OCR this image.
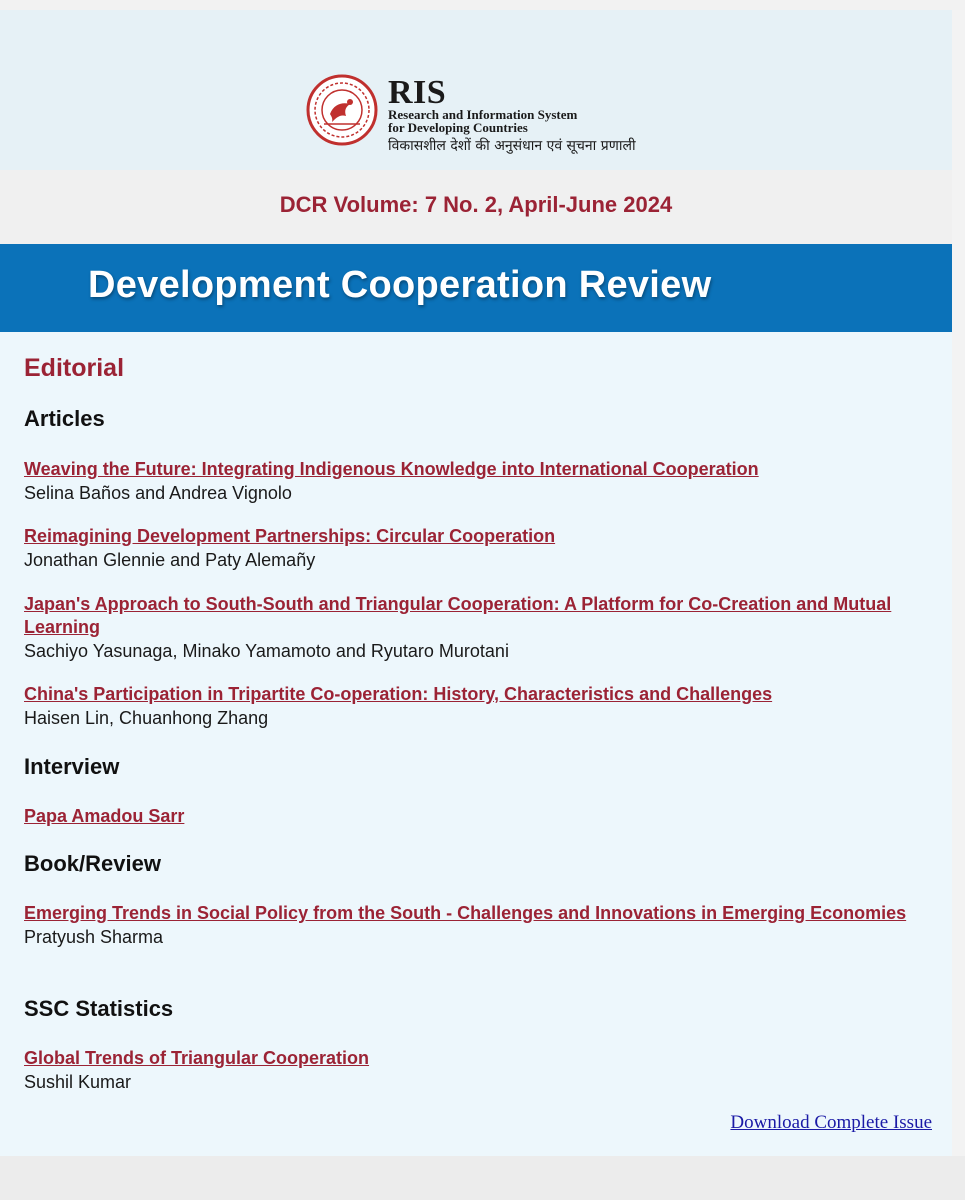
RIS
Research and Information System
for Developing Countries
विकासशील देशों की अनुसंधान एवं सूचना प्रणाली
DCR Volume: 7 No. 2, April-June 2024
Development Cooperation Review
Editorial
Articles
Weaving the Future: Integrating Indigenous Knowledge into International Cooperation
Selina Baños and Andrea Vignolo
Reimagining Development Partnerships: Circular Cooperation
Jonathan Glennie and Paty Alemañy
Japan's Approach to South-South and Triangular Cooperation: A Platform for Co-Creation and Mutual Learning
Sachiyo Yasunaga, Minako Yamamoto and Ryutaro Murotani
China's Participation in Tripartite Co-operation: History, Characteristics and Challenges
Haisen Lin, Chuanhong Zhang
Interview
Papa Amadou Sarr
Book/Review
Emerging Trends in Social Policy from the South - Challenges and Innovations in Emerging Economies
Pratyush Sharma
SSC Statistics
Global Trends of Triangular Cooperation
Sushil Kumar
Download Complete Issue
